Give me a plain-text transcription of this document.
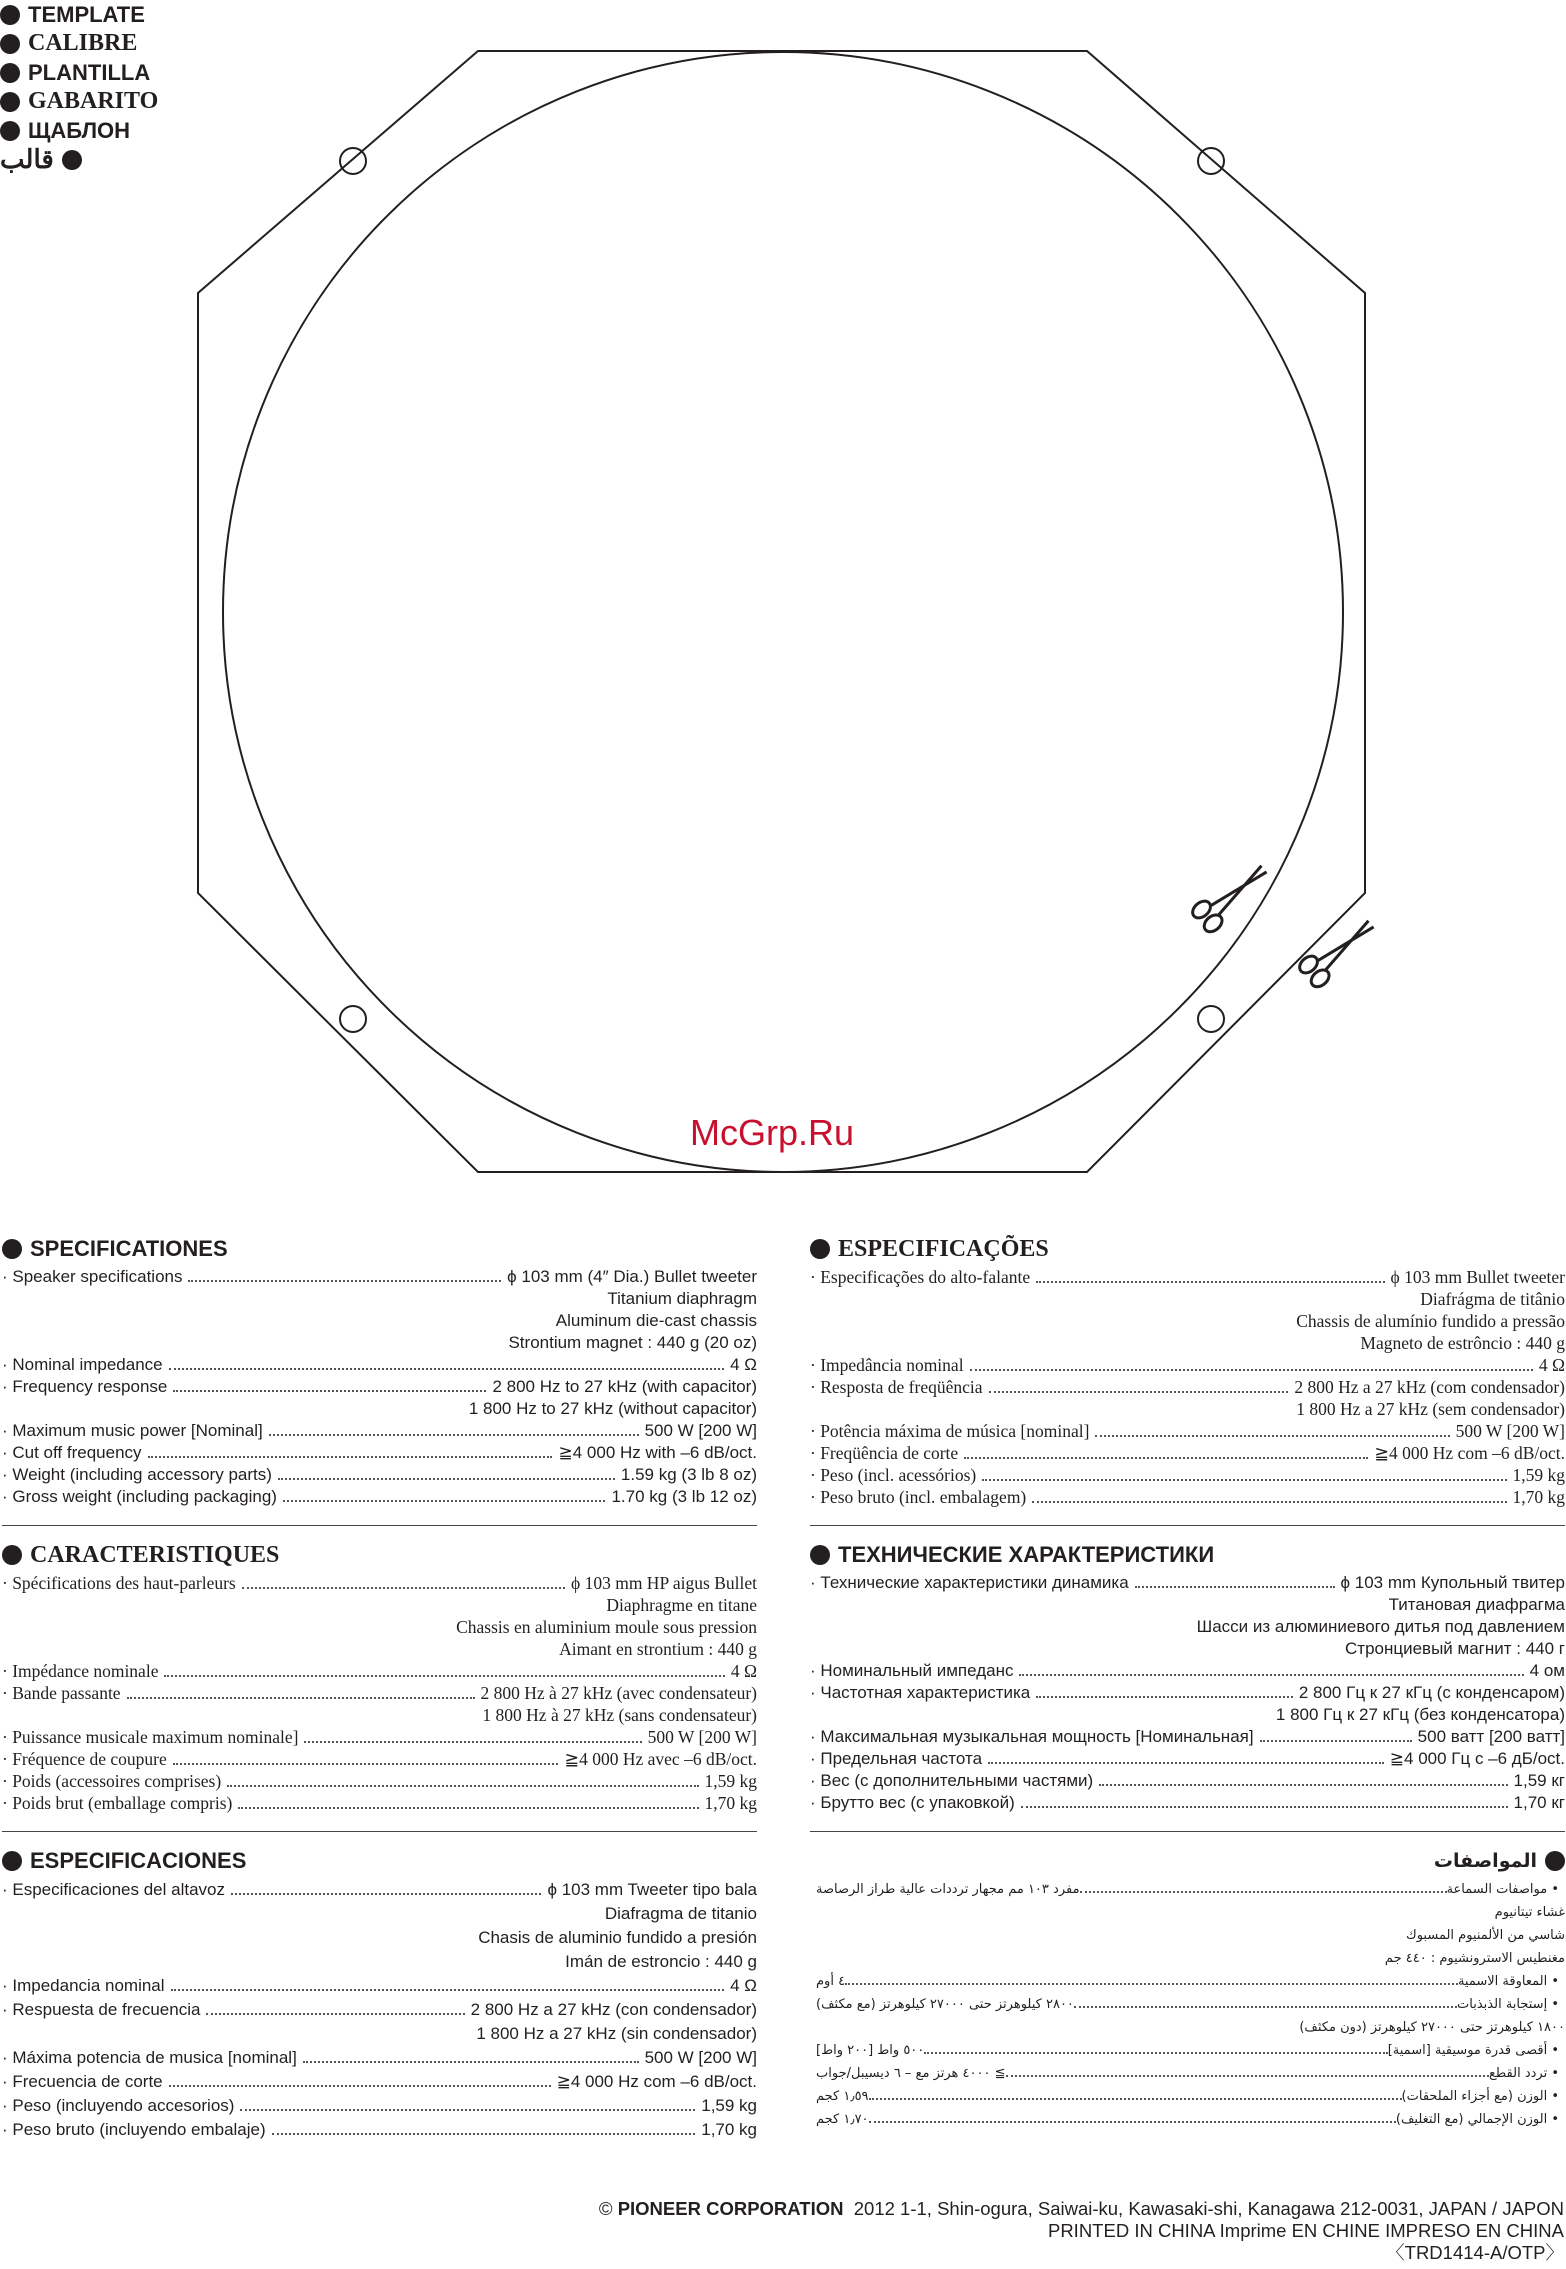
TEMPLATE
CALIBRE
PLANTILLA
GABARITO
ЩАБЛОН
قالب
McGrp.Ru
SPECIFICATIONES
· Speaker specifications	ϕ 103 mm (4″ Dia.) Bullet tweeter
Titanium diaphragm
Aluminum die-cast chassis
Strontium magnet : 440 g (20 oz)
· Nominal impedance	4 Ω
· Frequency response	2 800 Hz to 27 kHz (with capacitor)
1 800 Hz to 27 kHz (without capacitor)
· Maximum music power [Nominal]	500 W [200 W]
· Cut off frequency	≧4 000 Hz with –6 dB/oct.
· Weight (including accessory parts)	1.59 kg (3 lb 8 oz)
· Gross weight (including packaging)	1.70 kg (3 lb 12 oz)
ESPECIFICAÇÕES
· Especificações do alto-falante	ϕ 103 mm Bullet tweeter
Diafrágma de titânio
Chassis de alumínio fundido a pressão
Magneto de estrôncio : 440 g
· Impedância nominal	4 Ω
· Resposta de freqüência	2 800 Hz a 27 kHz (com condensador)
1 800 Hz a 27 kHz (sem condensador)
· Potência máxima de música [nominal]	500 W [200 W]
· Freqüência de corte	≧4 000 Hz com –6 dB/oct.
· Peso (incl. acessórios)	1,59 kg
· Peso bruto (incl. embalagem)	1,70 kg
CARACTERISTIQUES
· Spécifications des haut-parleurs	ϕ 103 mm HP aigus Bullet
Diaphragme en titane
Chassis en aluminium moule sous pression
Aimant en strontium : 440 g
· Impédance nominale	4 Ω
· Bande passante	2 800 Hz à 27 kHz (avec condensateur)
1 800 Hz à 27 kHz (sans condensateur)
· Puissance musicale maximum nominale]	500 W [200 W]
· Fréquence de coupure	≧4 000 Hz avec –6 dB/oct.
· Poids (accessoires comprises)	1,59 kg
· Poids brut (emballage compris)	1,70 kg
ТЕХНИЧЕСКИЕ ХАРАКТЕРИСТИКИ
· Технические характеристики динамика	ϕ 103 mm Купольный твитер
Титановая диафрагма
Шасси из алюминиевого дитья под давлением
Стронциевый магнит : 440 г
· Номинальный импеданс	4 ом
· Частотная характеристика	2 800 Гц к 27 кГц (с конденсаром)
1 800 Гц к 27 кГц (без конденсатора)
· Максимальная музыкальная мощность [Номинальная]	500 ватт [200 ватт]
· Предельная частота	≧4 000 Гц с –6 дБ/oct.
· Вес (с дополнительными частями)	1,59 кг
· Брутто вес (с упаковкой)	1,70 кг
ESPECIFICACIONES
· Especificaciones del altavoz	ϕ 103 mm Tweeter tipo bala
Diafragma de titanio
Chasis de aluminio fundido a presión
Imán de estroncio : 440 g
· Impedancia nominal	4 Ω
· Respuesta de frecuencia	2 800 Hz a 27 kHz (con condensador)
1 800 Hz a 27 kHz (sin condensador)
· Máxima potencia de musica [nominal]	500 W [200 W]
· Frecuencia de corte	≧4 000 Hz com –6 dB/oct.
· Peso (incluyendo accesorios)	1,59 kg
· Peso bruto (incluyendo embalaje)	1,70 kg
المواصفات
• مواصفات السماعة
مفرد ١٠٣ مم مجهار ترددات عالية طراز الرصاصة
غشاء تيتانيوم
شاسي من الألمنيوم المسبوك
مغنطيس الاسترونشيوم : ٤٤٠ جم
• المعاوقة الاسمية
٤ أوم
• إستجابة الذبذبات
٢٨٠٠ كيلوهرتز حتى ٢٧٠٠٠ كيلوهرتز (مع مكثف)
١٨٠٠ كيلوهرتز حتى ٢٧٠٠٠ كيلوهرتز (دون مكثف)
• أقصى قدرة موسيقية [اسمية]
٥٠٠ واط [٢٠٠ واط]
• تردد القطع
≧ ٤٠٠٠ هرتز مع – ٦ ديسيبل/جواب
• الوزن (مع أجزاء الملحقات)
١٫٥٩ كجم
• الوزن الإجمالي (مع التغليف)
١٫٧٠ كجم
© PIONEER CORPORATION 2012 1-1, Shin-ogura, Saiwai-ku, Kawasaki-shi, Kanagawa 212-0031, JAPAN / JAPON
PRINTED IN CHINA Imprime EN CHINE IMPRESO EN CHINA
〈TRD1414-A/OTP〉
